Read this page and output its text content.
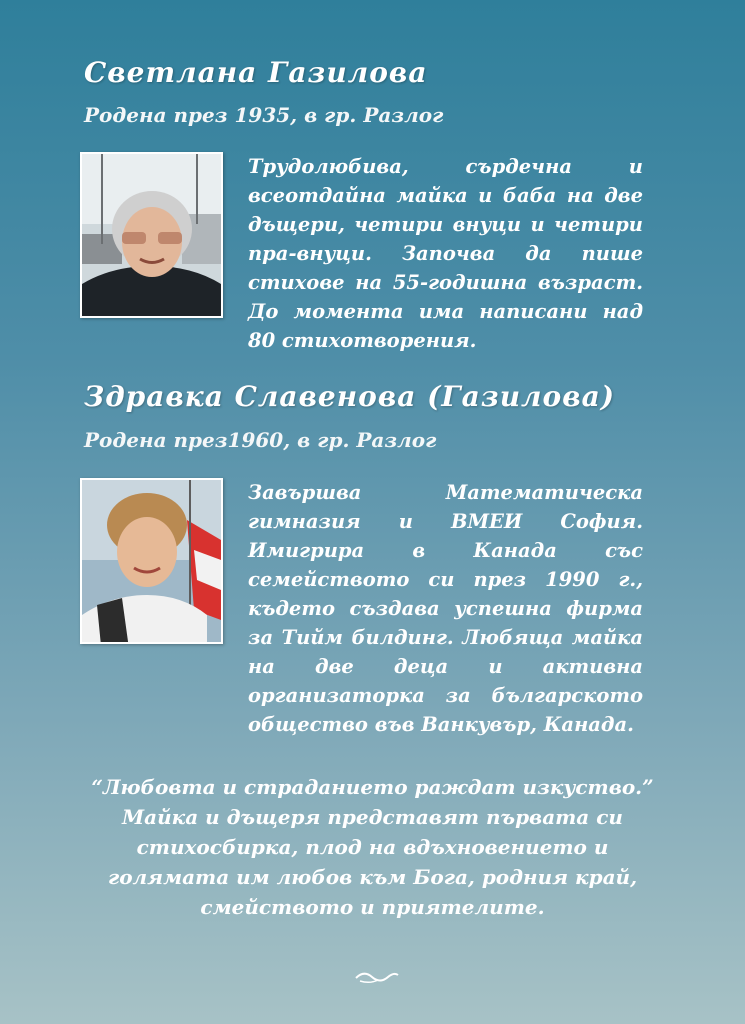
Светлана Газилова

Родена през 1935, в гр. Разлог

Трудолюбива, сърдечна и всеотдайна майка и баба на две дъщери, четири внуци и четири пра-внуци. Започва да пише стихове на 55-годишна възраст. До момента има написани над 80 стихотворения.

Здравка Славенова (Газилова)

Родена през1960, в гр. Разлог

Завършва Математическа гимназия и ВМЕИ София. Имигрира в Канада със семейството си през 1990 г., където създава успешна фирма за Тийм билдинг. Любяща майка на две деца и активна организаторка за българското общество във Ванкувър, Канада.

“Любовта и страданието раждат изкуство.”
Майка и дъщеря представят първата си
стихосбирка, плод на вдъхновението и
голямата им любов към Бога, родния край,
смейството и приятелите.
